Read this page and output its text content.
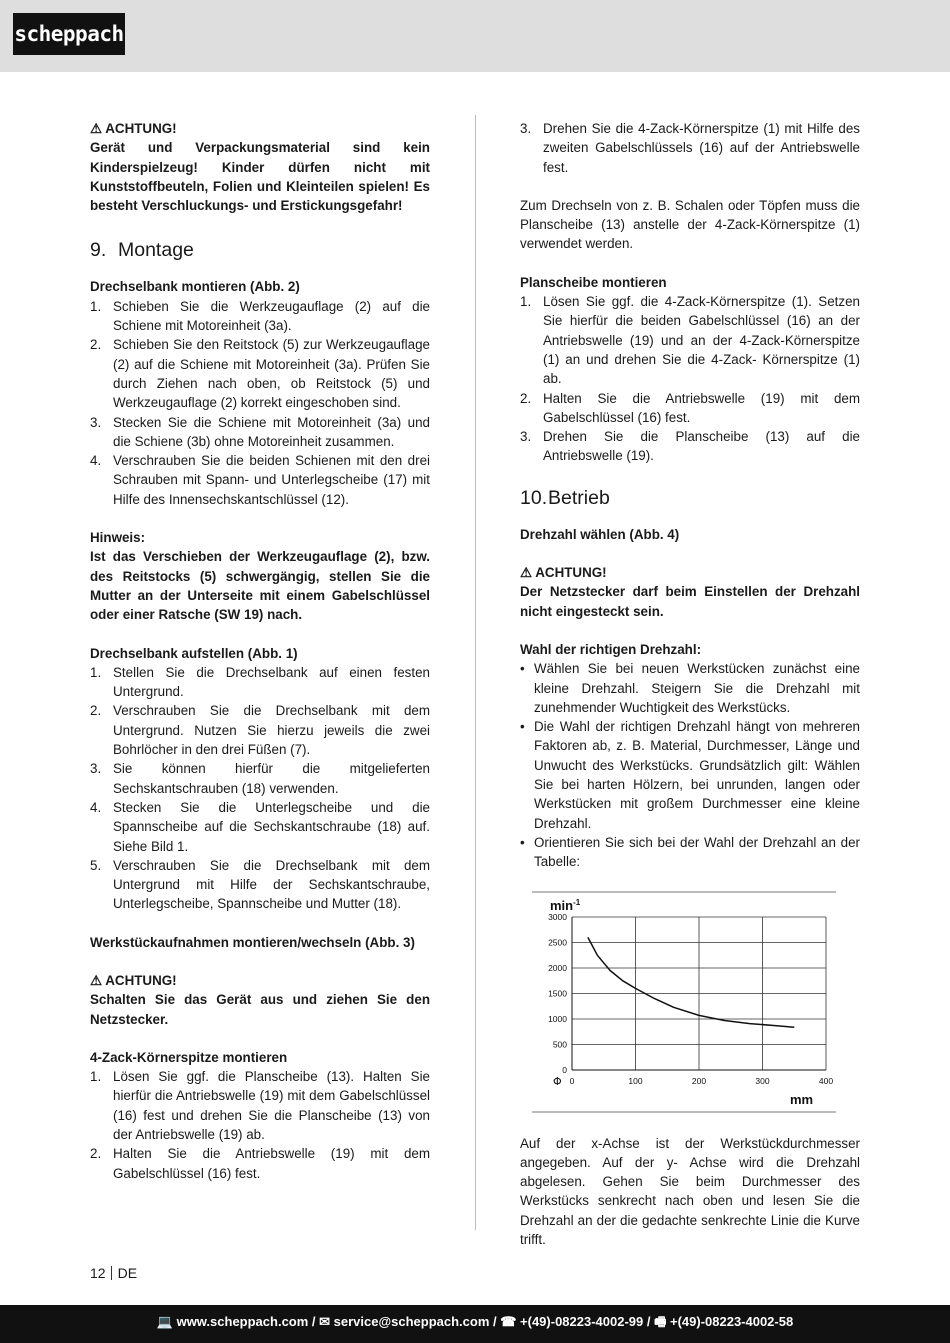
scheppach

⚠ ACHTUNG!

Gerät und Verpackungsmaterial sind kein Kinderspielzeug! Kinder dürfen nicht mit Kunststoffbeuteln, Folien und Kleinteilen spielen! Es besteht Verschluckungs- und Erstickungsgefahr!

9. Montage

Drechselbank montieren (Abb. 2)

1. Schieben Sie die Werkzeugauflage (2) auf die Schiene mit Motoreinheit (3a).
2. Schieben Sie den Reitstock (5) zur Werkzeugauflage (2) auf die Schiene mit Motoreinheit (3a). Prüfen Sie durch Ziehen nach oben, ob Reitstock (5) und Werkzeugauflage (2) korrekt eingeschoben sind.
3. Stecken Sie die Schiene mit Motoreinheit (3a) und die Schiene (3b) ohne Motoreinheit zusammen.
4. Verschrauben Sie die beiden Schienen mit den drei Schrauben mit Spann- und Unterlegscheibe (17) mit Hilfe des Innensechskantschlüssel (12).

Hinweis:

Ist das Verschieben der Werkzeugauflage (2), bzw. des Reitstocks (5) schwergängig, stellen Sie die Mutter an der Unterseite mit einem Gabelschlüssel oder einer Ratsche (SW 19) nach.

Drechselbank aufstellen (Abb. 1)

1. Stellen Sie die Drechselbank auf einen festen Untergrund.
2. Verschrauben Sie die Drechselbank mit dem Untergrund. Nutzen Sie hierzu jeweils die zwei Bohrlöcher in den drei Füßen (7).
3. Sie können hierfür die mitgelieferten Sechskantschrauben (18) verwenden.
4. Stecken Sie die Unterlegscheibe und die Spannscheibe auf die Sechskantschraube (18) auf. Siehe Bild 1.
5. Verschrauben Sie die Drechselbank mit dem Untergrund mit Hilfe der Sechskantschraube, Unterlegscheibe, Spannscheibe und Mutter (18).

Werkstückaufnahmen montieren/wechseln (Abb. 3)

⚠ ACHTUNG!

Schalten Sie das Gerät aus und ziehen Sie den Netzstecker.

4-Zack-Körnerspitze montieren

1. Lösen Sie ggf. die Planscheibe (13). Halten Sie hierfür die Antriebswelle (19) mit dem Gabelschlüssel (16) fest und drehen Sie die Planscheibe (13) von der Antriebswelle (19) ab.
2. Halten Sie die Antriebswelle (19) mit dem Gabelschlüssel (16) fest.
3. Drehen Sie die 4-Zack-Körnerspitze (1) mit Hilfe des zweiten Gabelschlüssels (16) auf der Antriebswelle fest.

Zum Drechseln von z. B. Schalen oder Töpfen muss die Planscheibe (13) anstelle der 4-Zack-Körnerspitze (1) verwendet werden.

Planscheibe montieren

1. Lösen Sie ggf. die 4-Zack-Körnerspitze (1). Setzen Sie hierfür die beiden Gabelschlüssel (16) an der Antriebswelle (19) und an der 4-Zack-Körnerspitze (1) an und drehen Sie die 4-Zack- Körnerspitze (1) ab.
2. Halten Sie die Antriebswelle (19) mit dem Gabelschlüssel (16) fest.
3. Drehen Sie die Planscheibe (13) auf die Antriebswelle (19).
10.Betrieb

Drehzahl wählen (Abb. 4)

⚠ ACHTUNG!

Der Netzstecker darf beim Einstellen der Drehzahl nicht eingesteckt sein.

Wahl der richtigen Drehzahl:

• Wählen Sie bei neuen Werkstücken zunächst eine kleine Drehzahl. Steigern Sie die Drehzahl mit zunehmender Wuchtigkeit des Werkstücks.
• Die Wahl der richtigen Drehzahl hängt von mehreren Faktoren ab, z. B. Material, Durchmesser, Länge und Unwucht des Werkstücks. Grundsätzlich gilt: Wählen Sie bei harten Hölzern, bei unrunden, langen oder Werkstücken mit großem Durchmesser eine kleine Drehzahl.
• Orientieren Sie sich bei der Wahl der Drehzahl an der Tabelle:
0
500
1000
1500
2000
2500
3000
0	100	200	300	400
$\min^{-1}$
mm
Φ

Auf der x-Achse ist der Werkstückdurchmesser angegeben. Auf der y- Achse wird die Drehzahl abgelesen. Gehen Sie beim Durchmesser des Werkstücks senkrecht nach oben und lesen Sie die Drehzahl an der die gedachte senkrechte Linie die Kurve trifft.

12 DE
💻 www.scheppach.com / ✉ service@scheppach.com / ☎ +(49)-08223-4002-99 / 🖷 +(49)-08223-4002-58
